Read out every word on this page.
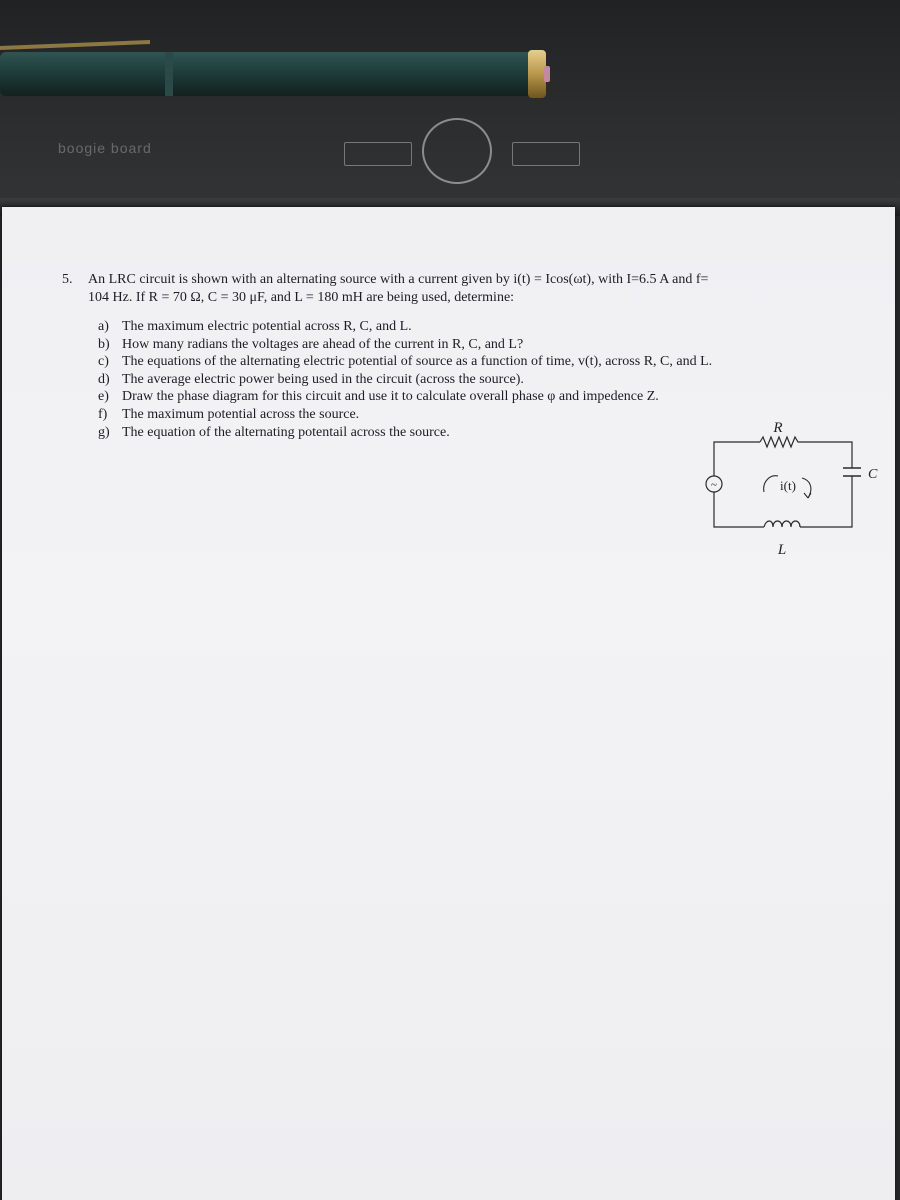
boogie board
5. An LRC circuit is shown with an alternating source with a current given by i(t) = Icos(ωt), with I=6.5 A and f=
104 Hz. If R = 70 Ω, C = 30 μF, and L = 180 mH are being used, determine:
a) The maximum electric potential across R, C, and L.
b) How many radians the voltages are ahead of the current in R, C, and L?
c) The equations of the alternating electric potential of source as a function of time, v(t), across R, C, and L.
d) The average electric power being used in the circuit (across the source).
e) Draw the phase diagram for this circuit and use it to calculate overall phase φ and impedence Z.
f) The maximum potential across the source.
g) The equation of the alternating potentail across the source.
~
R
C
L
i(t)
